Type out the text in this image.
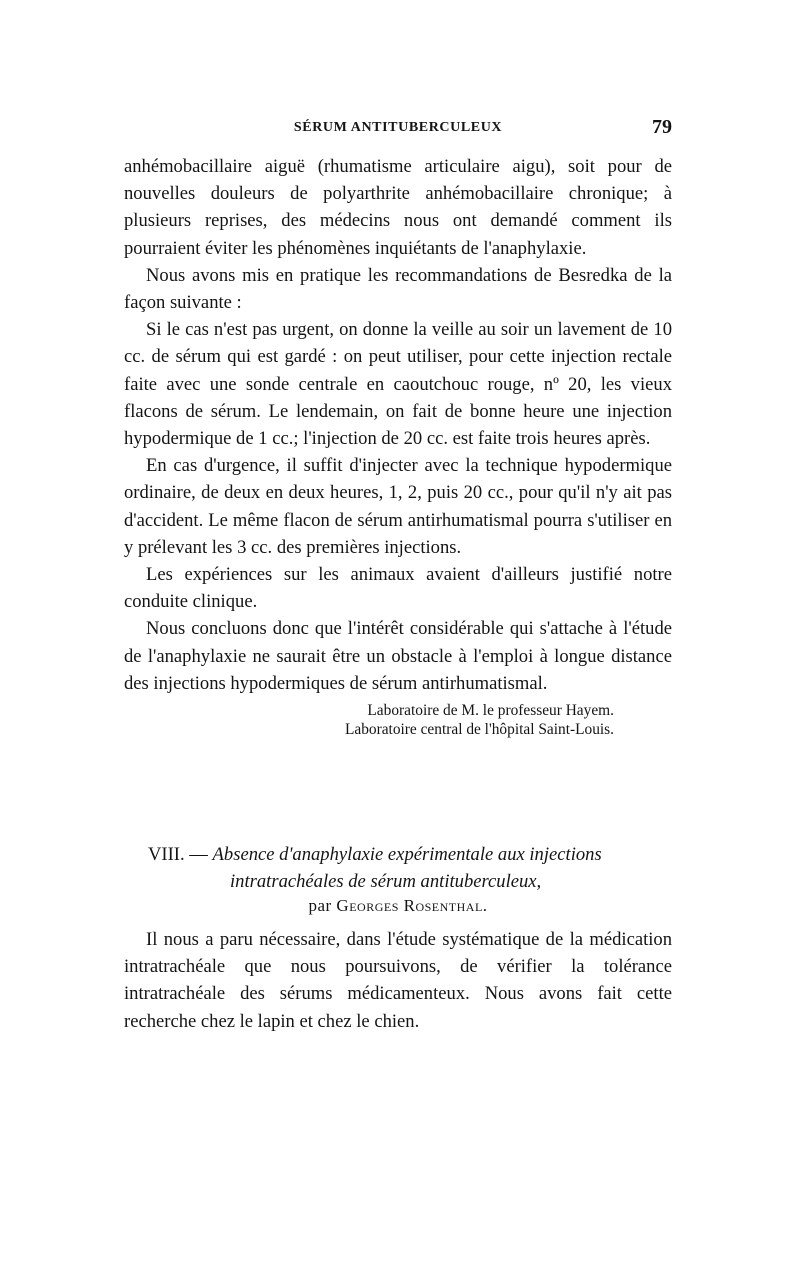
SÉRUM ANTITUBERCULEUX	79

anhémobacillaire aiguë (rhumatisme articulaire aigu), soit pour de nouvelles douleurs de polyarthrite anhémobacillaire chronique; à plusieurs reprises, des médecins nous ont demandé comment ils pourraient éviter les phénomènes inquiétants de l'anaphylaxie.

Nous avons mis en pratique les recommandations de Besredka de la façon suivante :

Si le cas n'est pas urgent, on donne la veille au soir un lavement de 10 cc. de sérum qui est gardé : on peut utiliser, pour cette injection rectale faite avec une sonde centrale en caoutchouc rouge, nº 20, les vieux flacons de sérum. Le lendemain, on fait de bonne heure une injection hypodermique de 1 cc.; l'injection de 20 cc. est faite trois heures après.

En cas d'urgence, il suffit d'injecter avec la technique hypodermique ordinaire, de deux en deux heures, 1, 2, puis 20 cc., pour qu'il n'y ait pas d'accident. Le même flacon de sérum antirhumatismal pourra s'utiliser en y prélevant les 3 cc. des premières injections.

Les expériences sur les animaux avaient d'ailleurs justifié notre conduite clinique.

Nous concluons donc que l'intérêt considérable qui s'attache à l'étude de l'anaphylaxie ne saurait être un obstacle à l'emploi à longue distance des injections hypodermiques de sérum antirhumatismal.

Laboratoire de M. le professeur Hayem.
Laboratoire central de l'hôpital Saint-Louis.
VIII. — Absence d'anaphylaxie expérimentale aux injections
intratrachéales de sérum antituberculeux,
par Georges Rosenthal.

Il nous a paru nécessaire, dans l'étude systématique de la médication intratrachéale que nous poursuivons, de vérifier la tolérance intratrachéale des sérums médicamenteux. Nous avons fait cette recherche chez le lapin et chez le chien.
